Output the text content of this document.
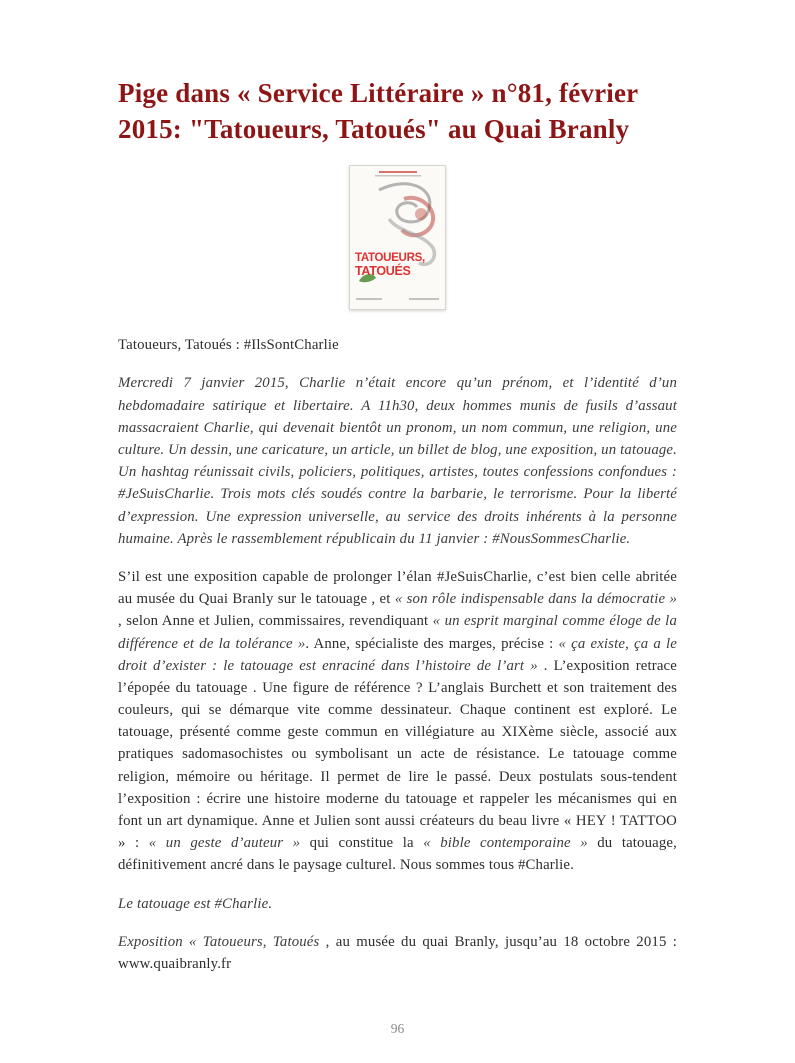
Pige dans « Service Littéraire » n°81, février 2015: "Tatoueurs, Tatoués" au Quai Branly
TATOUEURS,
TATOUÉS

Tatoueurs, Tatoués : #IlsSontCharlie

Mercredi 7 janvier 2015, Charlie n’était encore qu’un prénom, et l’identité d’un hebdomadaire satirique et libertaire. A 11h30, deux hommes munis de fusils d’assaut massacraient Charlie, qui devenait bientôt un pronom, un nom commun, une religion, une culture. Un dessin, une caricature, un article, un billet de blog, une exposition, un tatouage. Un hashtag réunissait civils, policiers, politiques, artistes, toutes confessions confondues : #JeSuisCharlie. Trois mots clés soudés contre la barbarie, le terrorisme. Pour la liberté d’expression. Une expression universelle, au service des droits inhérents à la personne humaine. Après le rassemblement républicain du 11 janvier : #NousSommesCharlie.

S’il est une exposition capable de prolonger l’élan #JeSuisCharlie, c’est bien celle abritée au musée du Quai Branly sur le tatouage , et « son rôle indispensable dans la démocratie » , selon Anne et Julien, commissaires, revendiquant « un esprit marginal comme éloge de la différence et de la tolérance ». Anne, spécialiste des marges, précise : « ça existe, ça a le droit d’exister : le tatouage est enraciné dans l’histoire de l’art » . L’exposition retrace l’épopée du tatouage . Une figure de référence ? L’anglais Burchett et son traitement des couleurs, qui se démarque vite comme dessinateur. Chaque continent est exploré. Le tatouage, présenté comme geste commun en villégiature au XIXème siècle, associé aux pratiques sadomasochistes ou symbolisant un acte de résistance. Le tatouage comme religion, mémoire ou héritage. Il permet de lire le passé. Deux postulats sous-tendent l’exposition : écrire une histoire moderne du tatouage et rappeler les mécanismes qui en font un art dynamique. Anne et Julien sont aussi créateurs du beau livre « HEY ! TATTOO » : « un geste d’auteur » qui constitue la « bible contemporaine » du tatouage, définitivement ancré dans le paysage culturel. Nous sommes tous #Charlie.

Le tatouage est #Charlie.

Exposition « Tatoueurs, Tatoués , au musée du quai Branly, jusqu’au 18 octobre 2015 : www.quaibranly.fr

96
